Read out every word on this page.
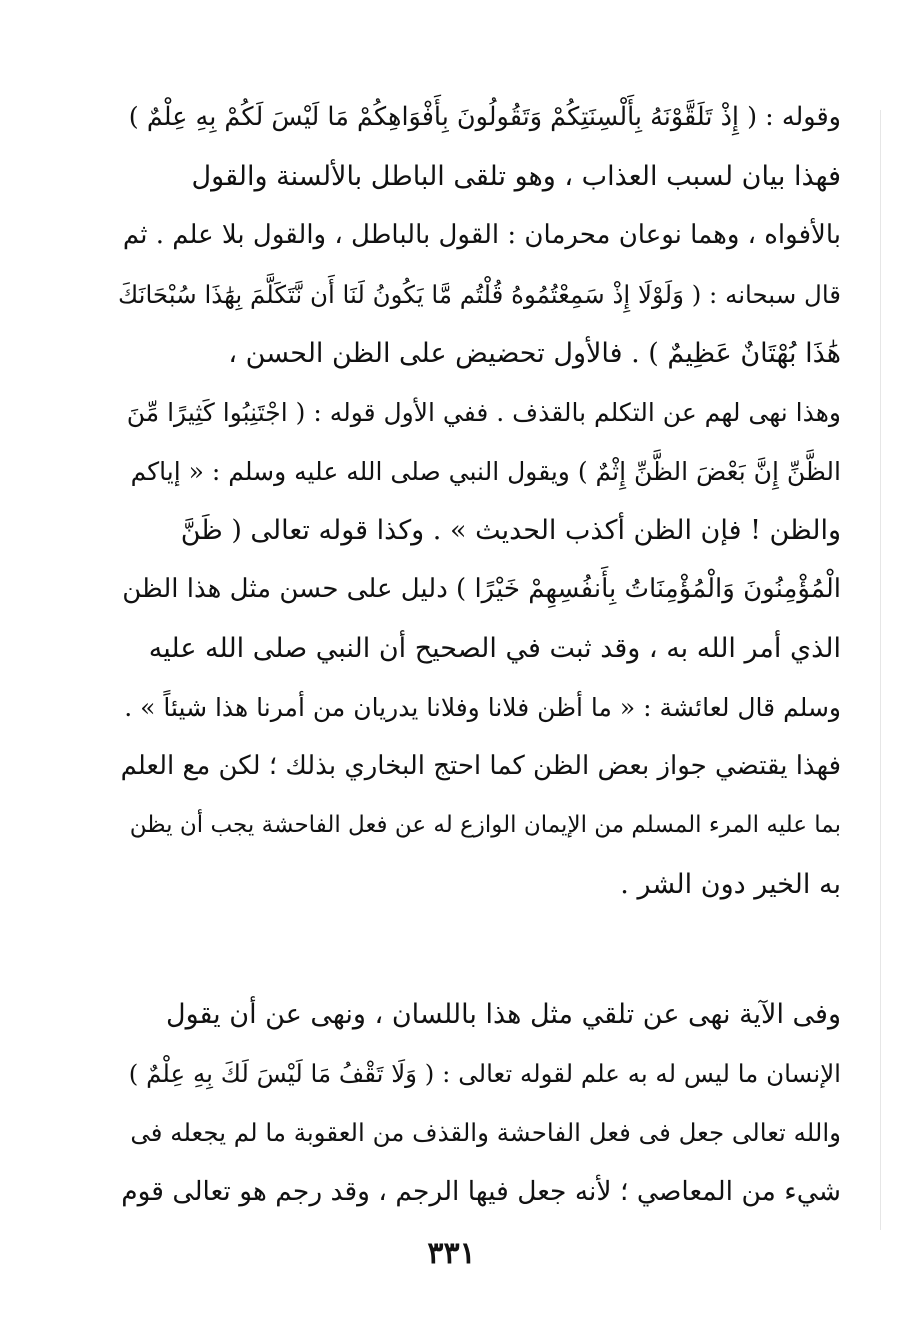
وقوله : ( إِذْ تَلَقَّوْنَهُ بِأَلْسِنَتِكُمْ وَتَقُولُونَ بِأَفْوَاهِكُمْ مَا لَيْسَ لَكُمْ بِهِ عِلْمٌ )
فهذا بيان لسبب العذاب ، وهو تلقى الباطل بالألسنة والقول
بالأفواه ، وهما نوعان محرمان : القول بالباطل ، والقول بلا علم . ثم
قال سبحانه : ( وَلَوْلَا إِذْ سَمِعْتُمُوهُ قُلْتُم مَّا يَكُونُ لَنَا أَن نَّتَكَلَّمَ بِهَٰذَا سُبْحَانَكَ
هَٰذَا بُهْتَانٌ عَظِيمٌ ) . فالأول تحضيض على الظن الحسن ،
وهذا نهى لهم عن التكلم بالقذف . ففي الأول قوله : ( اجْتَنِبُوا كَثِيرًا مِّنَ
الظَّنِّ إِنَّ بَعْضَ الظَّنِّ إِثْمٌ ) ويقول النبي صلى الله عليه وسلم : « إياكم
والظن ! فإن الظن أكذب الحديث » . وكذا قوله تعالى ( ظَنَّ
الْمُؤْمِنُونَ وَالْمُؤْمِنَاتُ بِأَنفُسِهِمْ خَيْرًا ) دليل على حسن مثل هذا الظن
الذي أمر الله به ، وقد ثبت في الصحيح أن النبي صلى الله عليه
وسلم قال لعائشة : « ما أظن فلانا وفلانا يدريان من أمرنا هذا شيئاً » .
فهذا يقتضي جواز بعض الظن كما احتج البخاري بذلك ؛ لكن مع العلم
بما عليه المرء المسلم من الإيمان الوازع له عن فعل الفاحشة يجب أن يظن
به الخير دون الشر .
وفى الآية نهى عن تلقي مثل هذا باللسان ، ونهى عن أن يقول
الإنسان ما ليس له به علم لقوله تعالى : ( وَلَا تَقْفُ مَا لَيْسَ لَكَ بِهِ عِلْمٌ )
والله تعالى جعل فى فعل الفاحشة والقذف من العقوبة ما لم يجعله فى
شيء من المعاصي ؛ لأنه جعل فيها الرجم ، وقد رجم هو تعالى قوم
٣٣١
